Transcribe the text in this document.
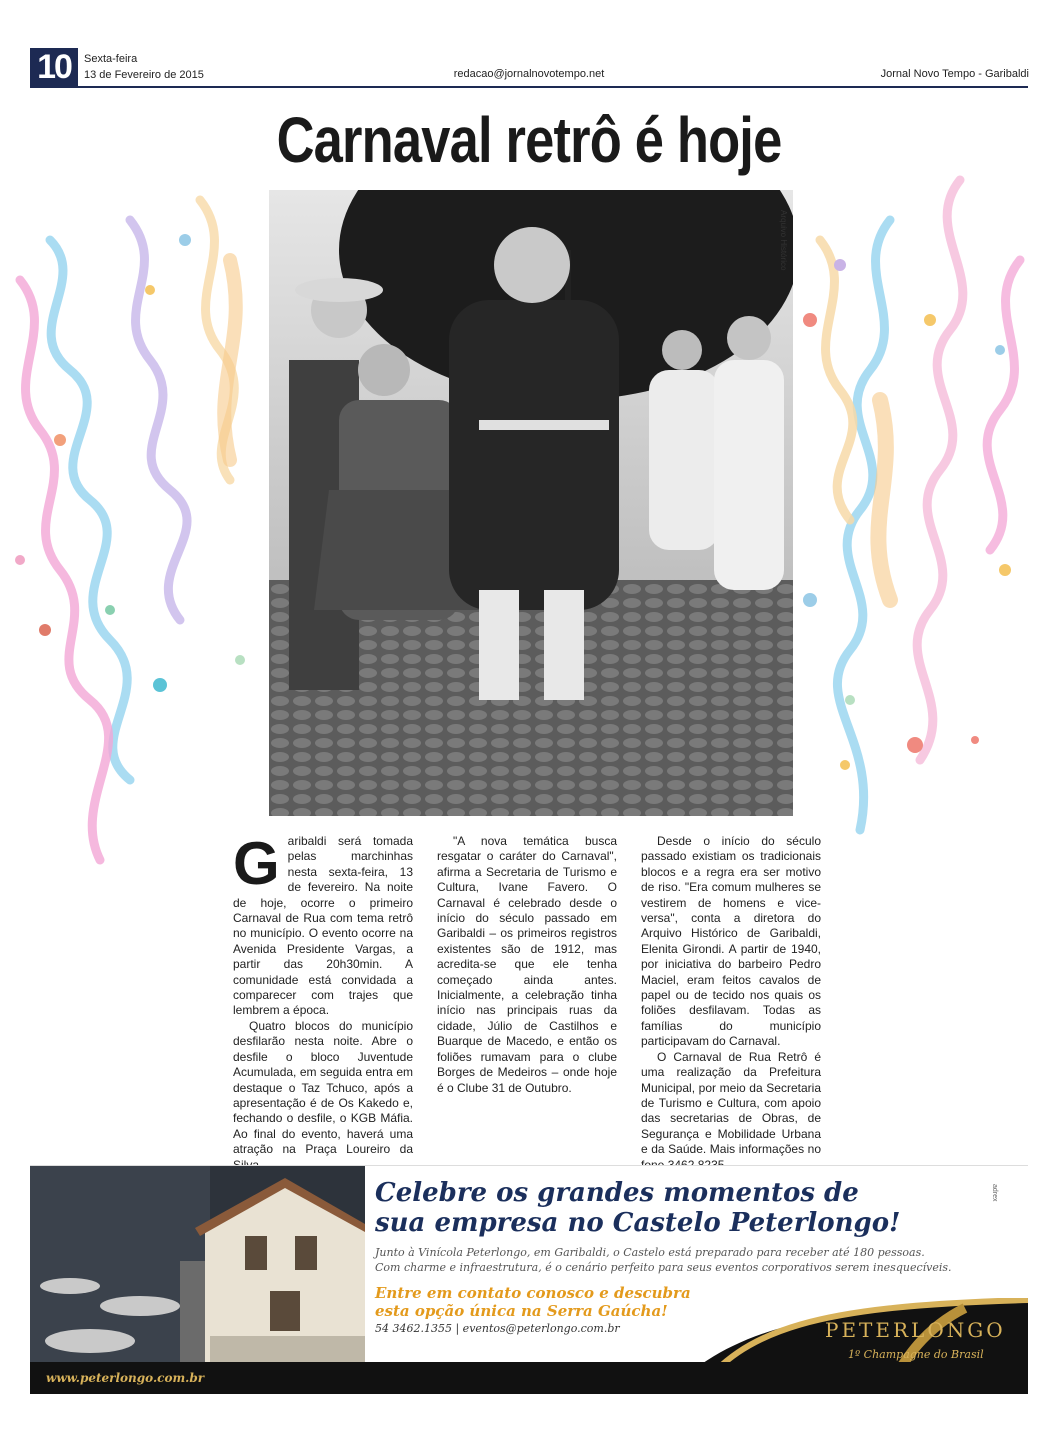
10	Sexta-feira
13 de Fevereiro de 2015	redacao@jornalnovotempo.net	Jornal Novo Tempo - Garibaldi
Carnaval retrô é hoje
Arquivo Histórico
G aribaldi será tomada pelas marchinhas nesta sexta-feira, 13 de fevereiro. Na noite de hoje, ocorre o primeiro Carnaval de Rua com tema retrô no município. O evento ocorre na Avenida Presidente Vargas, a partir das 20h30min. A comunidade está convidada a comparecer com trajes que lembrem a época.

Quatro blocos do município desfilarão nesta noite. Abre o desfile o bloco Juventude Acumulada, em seguida entra em destaque o Taz Tchuco, após a apresentação é de Os Kakedo e, fechando o desfile, o KGB Máfia. Ao final do evento, haverá uma atração na Praça Loureiro da

"A nova temática busca resgatar o caráter do Carnaval", afirma a Secretaria de Turismo e Cultura, Ivane Favero. O Carnaval é celebrado desde o início do século passado em Garibaldi – os primeiros registros existentes são de 1912, mas acredita-se que ele tenha começado ainda antes. Inicialmente, a celebração tinha início nas principais ruas da cidade, Júlio de Castilhos e Buarque de Macedo, e então os foliões rumavam para o clube Borges de Medeiros – onde hoje é o Clube 31 de Outubro.

Desde o início do século passado existiam os tradicionais blocos e a regra era ser motivo de riso. "Era comum mulheres se vestirem de homens e vice-versa", conta a diretora do Arquivo Histórico de Garibaldi, Elenita Girondi. A partir de 1940, por iniciativa do barbeiro Pedro Maciel, eram feitos cavalos de papel ou de tecido nos quais os foliões desfilavam. Todas as famílias do município participavam do Carnaval.

O Carnaval de Rua Retrô é uma realização da Prefeitura Municipal, por meio da Secretaria de Turismo e Cultura, com apoio das secretarias de Obras, de Segurança e Mobilidade Urbana e da Saúde. Mais informações no

Celebre os grandes momentos de
sua empresa no Castelo Peterlongo!
Junto à Vinícola Peterlongo, em Garibaldi, o Castelo está preparado para receber até 180 pessoas.
Com charme e infraestrutura, é o cenário perfeito para seus eventos corporativos serem inesquecíveis.
Entre em contato conosco e descubra
esta opção única na Serra Gaúcha!
54 3462.1355 | eventos@peterlongo.com.br
www.peterlongo.com.br
PETERLONGO
1º Champagne do Brasil
adrex
